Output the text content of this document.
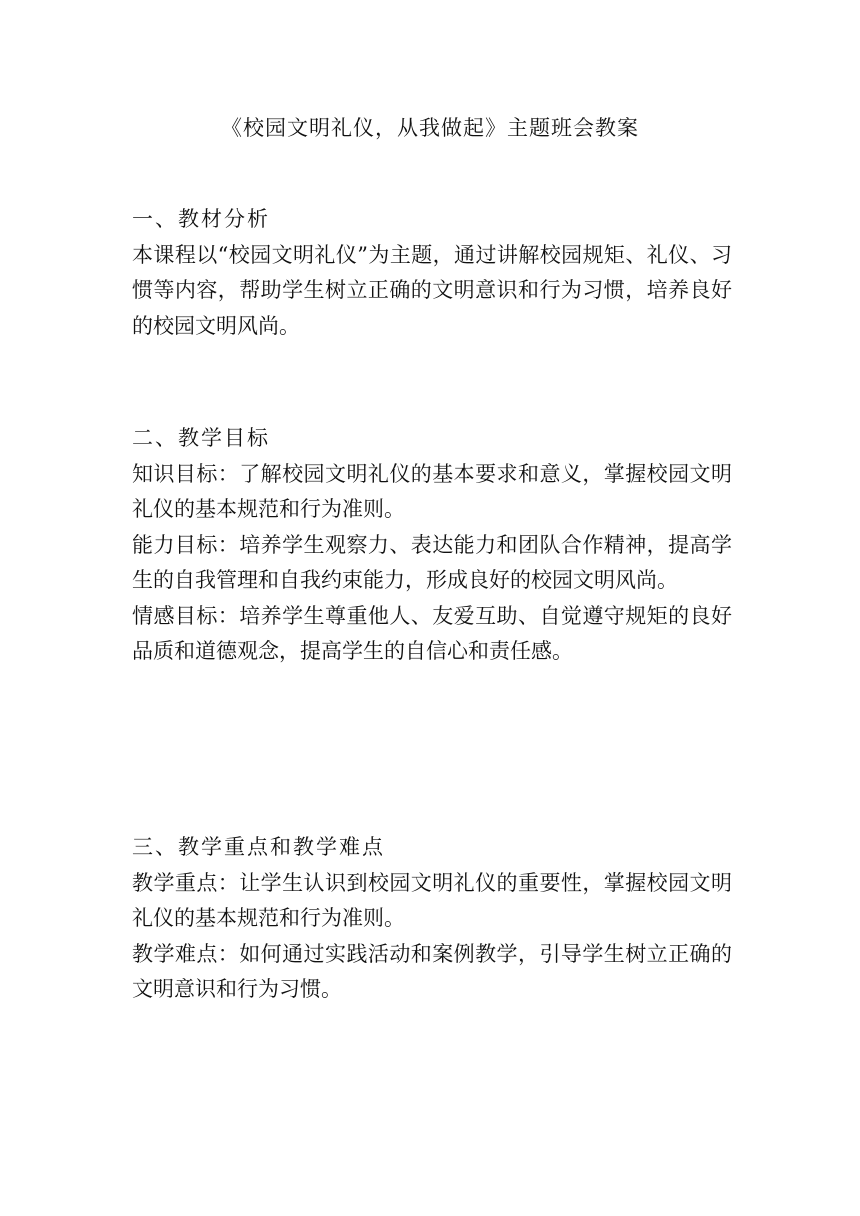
《校园文明礼仪，从我做起》主题班会教案
一、教材分析
本课程以“校园文明礼仪”为主题，通过讲解校园规矩、礼仪、习惯等内容，帮助学生树立正确的文明意识和行为习惯，培养良好的校园文明风尚。
二、教学目标
知识目标：了解校园文明礼仪的基本要求和意义，掌握校园文明礼仪的基本规范和行为准则。
能力目标：培养学生观察力、表达能力和团队合作精神，提高学生的自我管理和自我约束能力，形成良好的校园文明风尚。
情感目标：培养学生尊重他人、友爱互助、自觉遵守规矩的良好品质和道德观念，提高学生的自信心和责任感。
三、教学重点和教学难点
教学重点：让学生认识到校园文明礼仪的重要性，掌握校园文明礼仪的基本规范和行为准则。
教学难点：如何通过实践活动和案例教学，引导学生树立正确的文明意识和行为习惯。
